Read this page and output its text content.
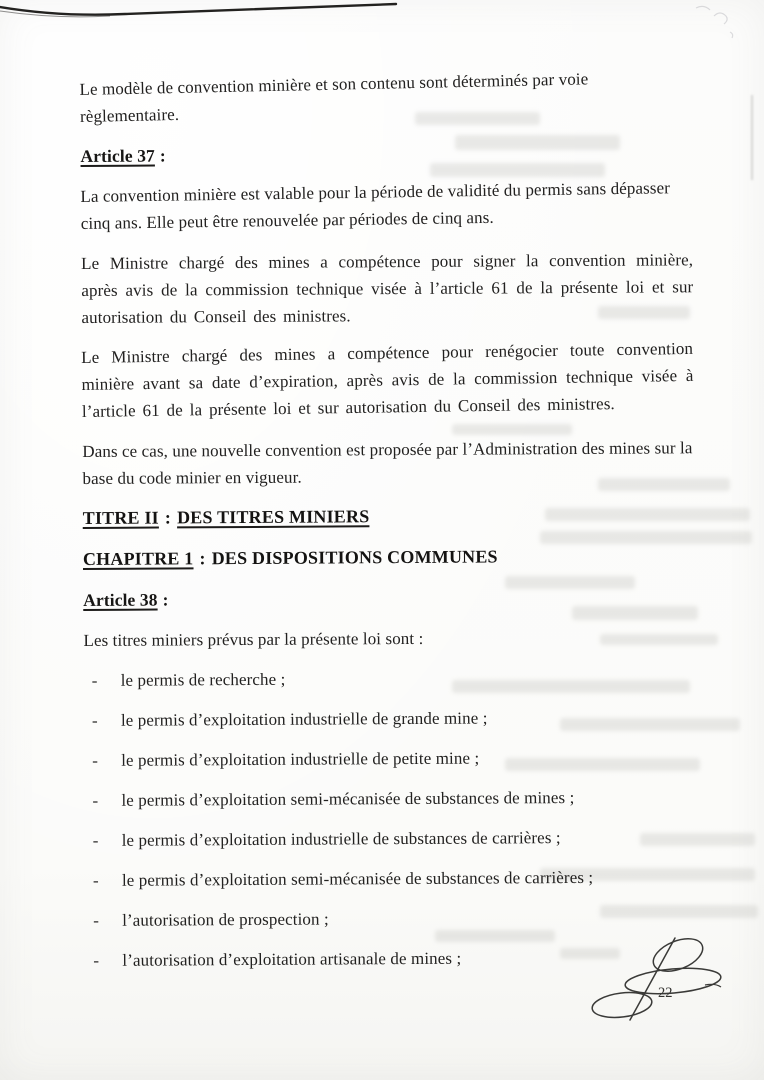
Le modèle de convention minière et son contenu sont déterminés par voie règlementaire.

Article 37 :

La convention minière est valable pour la période de validité du permis sans dépasser cinq ans. Elle peut être renouvelée par périodes de cinq ans.

Le Ministre chargé des mines a compétence pour signer la convention minière, après avis de la commission technique visée à l’article 61 de la présente loi et sur autorisation du Conseil des ministres.

Le Ministre chargé des mines a compétence pour renégocier toute convention minière avant sa date d’expiration, après avis de la commission technique visée à l’article 61 de la présente loi et sur autorisation du Conseil des ministres.

Dans ce cas, une nouvelle convention est proposée par l’Administration des mines sur la base du code minier en vigueur.

TITRE II : DES TITRES MINIERS

CHAPITRE 1 : DES DISPOSITIONS COMMUNES

Article 38 :

Les titres miniers prévus par la présente loi sont :

-	le permis de recherche ;
-	le permis d’exploitation industrielle de grande mine ;
-	le permis d’exploitation industrielle de petite mine ;
-	le permis d’exploitation semi-mécanisée de substances de mines ;
-	le permis d’exploitation industrielle de substances de carrières ;
-	le permis d’exploitation semi-mécanisée de substances de carrières ;
-	l’autorisation de prospection ;
-	l’autorisation d’exploitation artisanale de mines ;
22
